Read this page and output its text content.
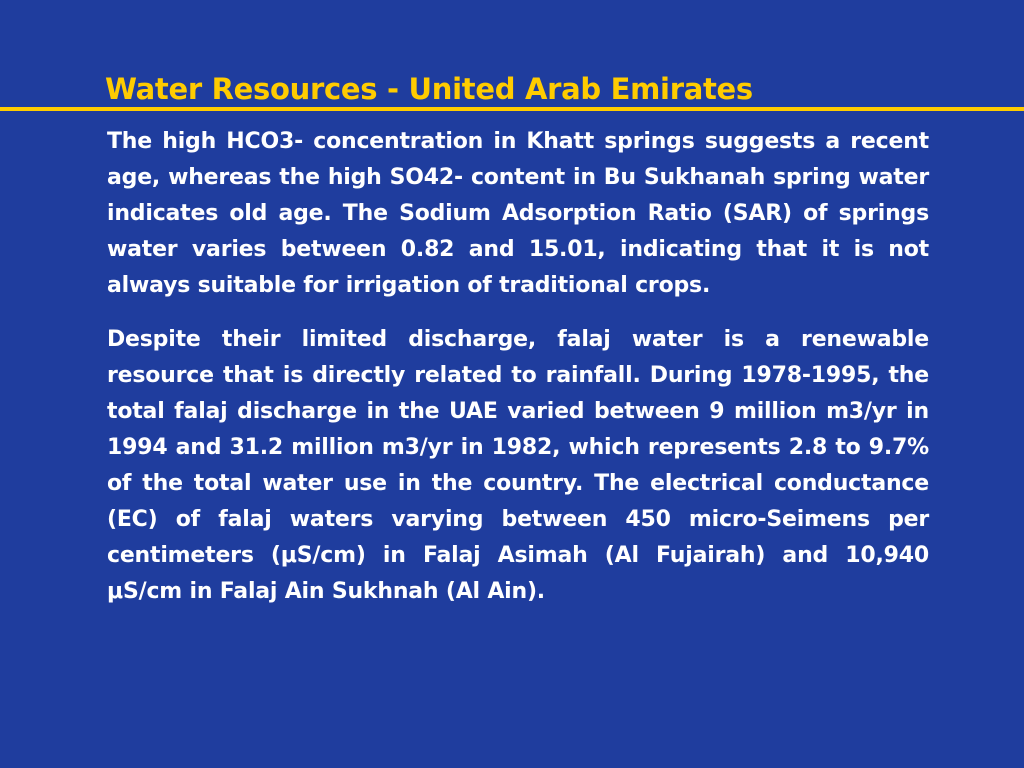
Water Resources - United Arab Emirates

The high HCO3- concentration in Khatt springs suggests a recent age, whereas the high SO42- content in Bu Sukhanah spring water indicates old age. The Sodium Adsorption Ratio (SAR) of springs water varies between 0.82 and 15.01, indicating that it is not always suitable for irrigation of traditional crops.

Despite their limited discharge, falaj water is a renewable resource that is directly related to rainfall. During 1978-1995, the total falaj discharge in the UAE varied between 9 million m3/yr in 1994 and 31.2 million m3/yr in 1982, which represents 2.8 to 9.7% of the total water use in the country. The electrical conductance (EC) of falaj waters varying between 450 micro-Seimens per centimeters (μS/cm) in Falaj Asimah (Al Fujairah) and 10,940 μS/cm in Falaj Ain Sukhnah (Al Ain).
